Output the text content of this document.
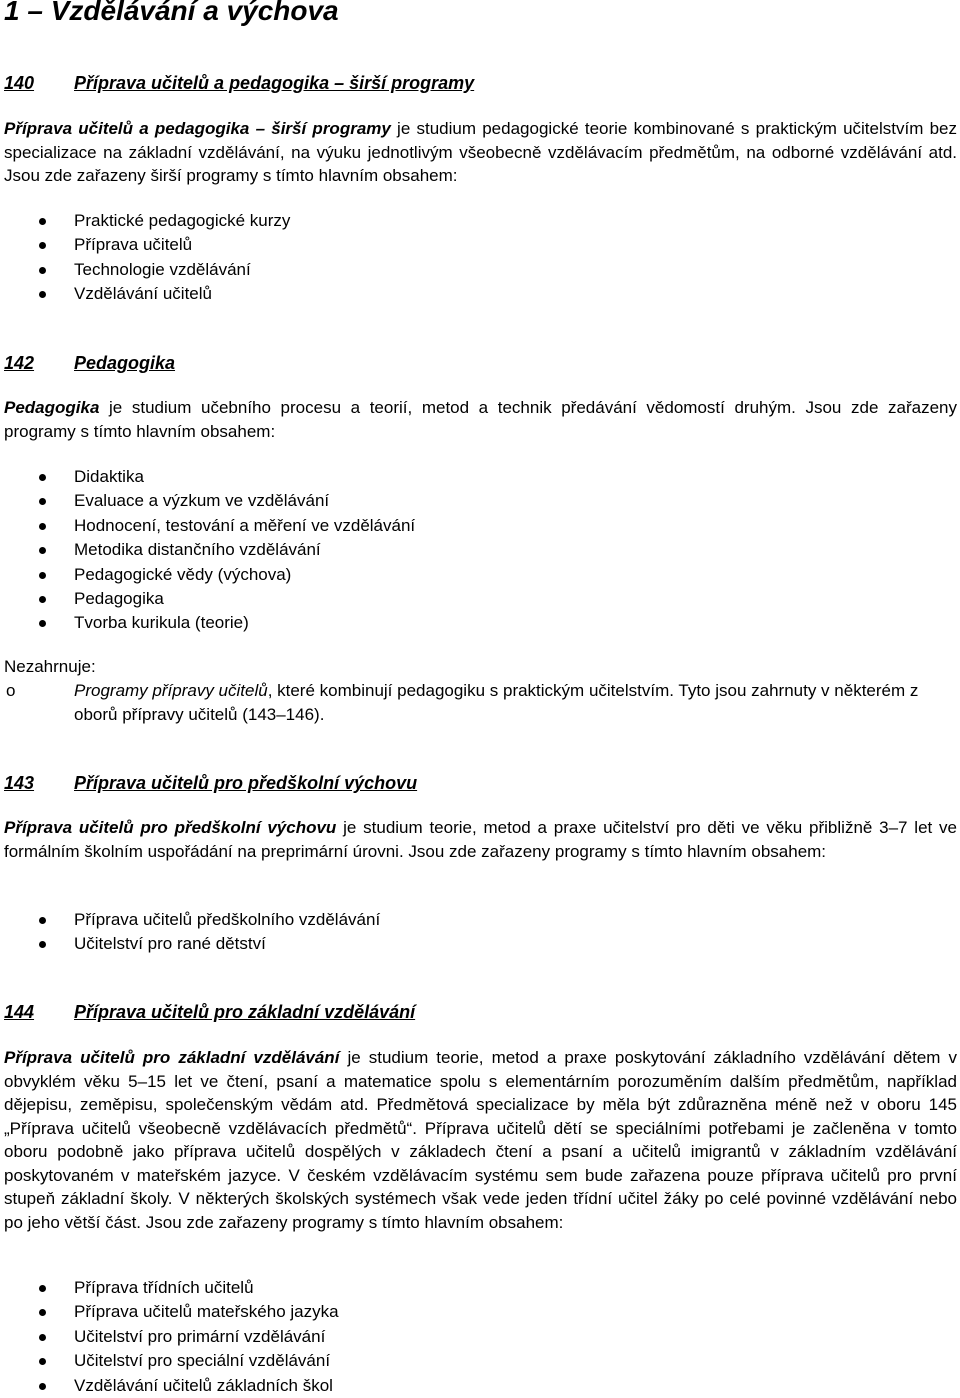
1 – Vzdělávání a výchova
140 Příprava učitelů a pedagogika – širší programy

Příprava učitelů a pedagogika – širší programy je studium pedagogické teorie kombinované s praktickým učitelstvím bez specializace na základní vzdělávání, na výuku jednotlivým všeobecně vzdělávacím předmětům, na odborné vzdělávání atd. Jsou zde zařazeny širší programy s tímto hlavním obsahem:

Praktické pedagogické kurzy
Příprava učitelů
Technologie vzdělávání
Vzdělávání učitelů
142 Pedagogika

Pedagogika je studium učebního procesu a teorií, metod a technik předávání vědomostí druhým. Jsou zde zařazeny programy s tímto hlavním obsahem:

Didaktika
Evaluace a výzkum ve vzdělávání
Hodnocení, testování a měření ve vzdělávání
Metodika distančního vzdělávání
Pedagogické vědy (výchova)
Pedagogika
Tvorba kurikula (teorie)

Nezahrnuje:

o	Programy přípravy učitelů, které kombinují pedagogiku s praktickým učitelstvím. Tyto jsou zahrnuty v některém z oborů přípravy učitelů (143–146).
143 Příprava učitelů pro předškolní výchovu

Příprava učitelů pro předškolní výchovu je studium teorie, metod a praxe učitelství pro děti ve věku přibližně 3–7 let ve formálním školním uspořádání na preprimární úrovni. Jsou zde zařazeny programy s tímto hlavním obsahem:

Příprava učitelů předškolního vzdělávání
Učitelství pro rané dětství
144 Příprava učitelů pro základní vzdělávání

Příprava učitelů pro základní vzdělávání je studium teorie, metod a praxe poskytování základního vzdělávání dětem v obvyklém věku 5–15 let ve čtení, psaní a matematice spolu s elementárním porozuměním dalším předmětům, například dějepisu, zeměpisu, společenským vědám atd. Předmětová specializace by měla být zdůrazněna méně než v oboru 145 „Příprava učitelů všeobecně vzdělávacích předmětů“. Příprava učitelů dětí se speciálními potřebami je začleněna v tomto oboru podobně jako příprava učitelů dospělých v základech čtení a psaní a učitelů imigrantů v základním vzdělávání poskytovaném v mateřském jazyce. V českém vzdělávacím systému sem bude zařazena pouze příprava učitelů pro první stupeň základní školy. V některých školských systémech však vede jeden třídní učitel žáky po celé povinné vzdělávání nebo po jeho větší část. Jsou zde zařazeny programy s tímto hlavním obsahem:

Příprava třídních učitelů
Příprava učitelů mateřského jazyka
Učitelství pro primární vzdělávání
Učitelství pro speciální vzdělávání
Vzdělávání učitelů základních škol
